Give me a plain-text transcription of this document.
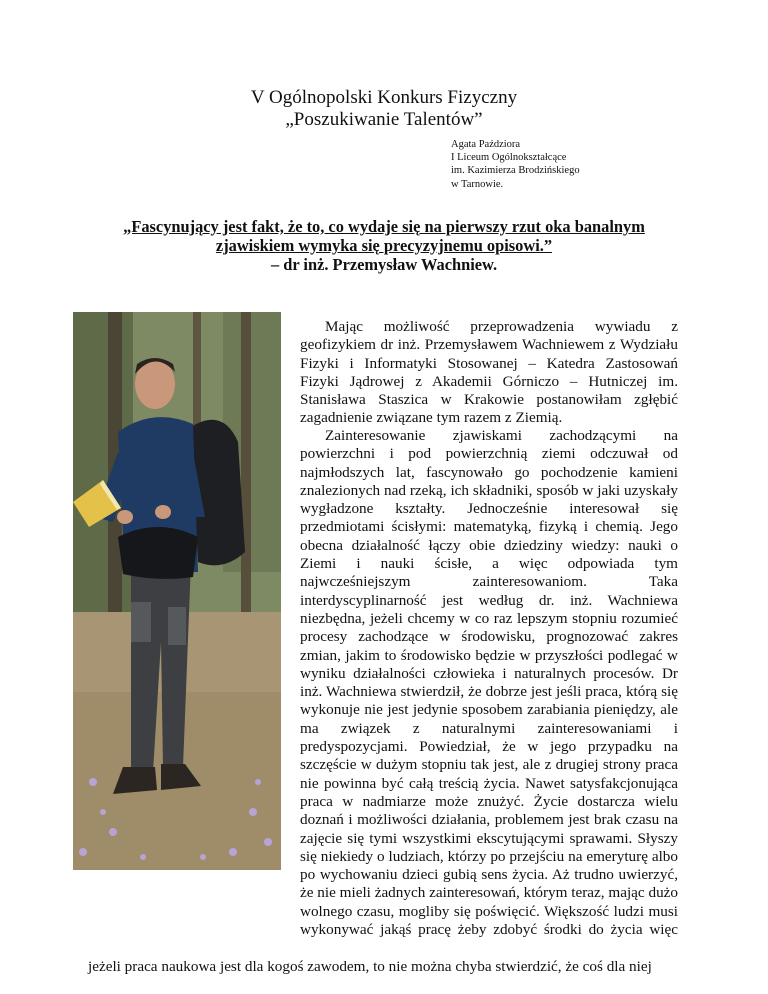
V Ogólnopolski Konkurs Fizyczny
„Poszukiwanie Talentów”
Agata Paździora
I Liceum Ogólnokształcące
im. Kazimierza Brodzińskiego
w Tarnowie.
„Fascynujący jest fakt, że to, co wydaje się na pierwszy rzut oka banalnym
zjawiskiem wymyka się precyzyjnemu opisowi.”
– dr inż. Przemysław Wachniew.
Mając możliwość przeprowadzenia wywiadu z
geofizykiem dr inż. Przemysławem Wachniewem z Wydziału
Fizyki i Informatyki Stosowanej – Katedra Zastosowań
Fizyki Jądrowej z Akademii Górniczo – Hutniczej im.
Stanisława Staszica w Krakowie postanowiłam zgłębić
zagadnienie związane tym razem z Ziemią.
Zainteresowanie zjawiskami zachodzącymi na
powierzchni i pod powierzchnią ziemi odczuwał od
najmłodszych lat, fascynowało go pochodzenie kamieni
znalezionych nad rzeką, ich składniki, sposób w jaki uzyskały
wygładzone kształty. Jednocześnie interesował się
przedmiotami ścisłymi: matematyką, fizyką i chemią. Jego
obecna działalność łączy obie dziedziny wiedzy: nauki o
Ziemi i nauki ścisłe, a więc odpowiada tym
najwcześniejszym zainteresowaniom. Taka
interdyscyplinarność jest według dr. inż. Wachniewa
niezbędna, jeżeli chcemy w co raz lepszym stopniu rozumieć
procesy zachodzące w środowisku, prognozować zakres
zmian, jakim to środowisko będzie w przyszłości podlegać w
wyniku działalności człowieka i naturalnych procesów. Dr
inż. Wachniewa stwierdził, że dobrze jest jeśli praca, którą się
wykonuje nie jest jedynie sposobem zarabiania pieniędzy, ale
ma związek z naturalnymi zainteresowaniami i
predyspozycjami. Powiedział, że w jego przypadku na
szczęście w dużym stopniu tak jest, ale z drugiej strony praca
nie powinna być całą treścią życia. Nawet satysfakcjonująca
praca w nadmiarze może znużyć. Życie dostarcza wielu
doznań i możliwości działania, problemem jest brak czasu na
zajęcie się tymi wszystkimi ekscytującymi sprawami. Słyszy
się niekiedy o ludziach, którzy po przejściu na emeryturę albo
po wychowaniu dzieci gubią sens życia. Aż trudno uwierzyć,
że nie mieli żadnych zainteresowań, którym teraz, mając dużo
wolnego czasu, mogliby się poświęcić. Większość ludzi musi
wykonywać jakąś pracę żeby zdobyć środki do życia więc
jeżeli praca naukowa jest dla kogoś zawodem, to nie można chyba stwierdzić, że coś dla niej
